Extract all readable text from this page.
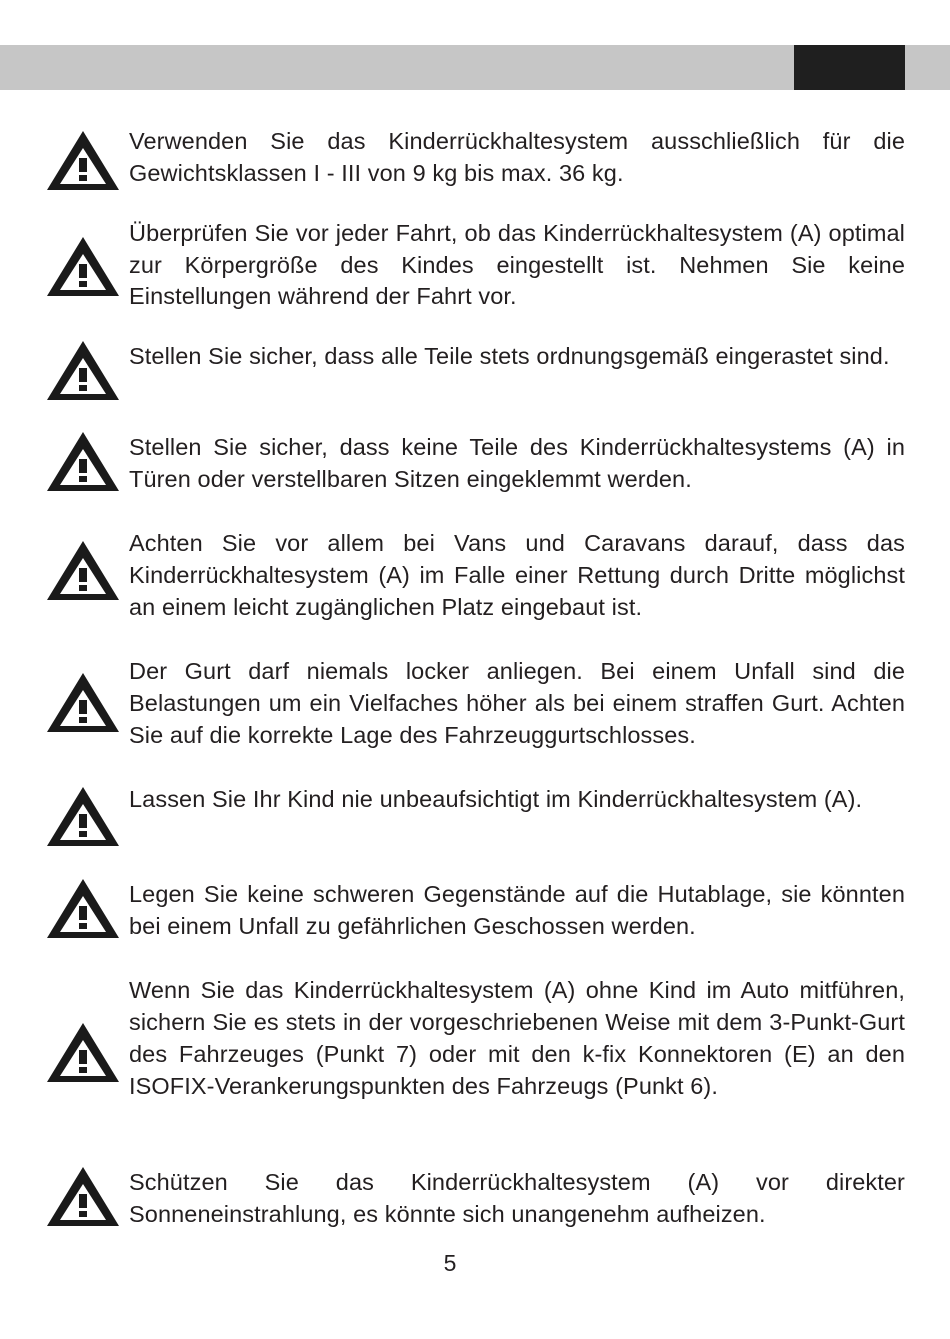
Verwenden Sie das Kinderrückhaltesystem ausschließlich für die Gewichtsklassen I - III von 9 kg bis max. 36 kg.

Überprüfen Sie vor jeder Fahrt, ob das Kinderrückhaltesystem (A) optimal zur Körpergröße des Kindes eingestellt ist. Nehmen Sie keine Einstellungen während der Fahrt vor.

Stellen Sie sicher, dass alle Teile stets ordnungsgemäß eingerastet sind.

Stellen Sie sicher, dass keine Teile des Kinderrückhaltesystems (A) in Türen oder verstellbaren Sitzen eingeklemmt werden.

Achten Sie vor allem bei Vans und Caravans darauf, dass das Kinderrückhaltesystem (A) im Falle einer Rettung durch Dritte möglichst an einem leicht zugänglichen Platz eingebaut ist.

Der Gurt darf niemals locker anliegen. Bei einem Unfall sind die Belastungen um ein Vielfaches höher als bei einem straffen Gurt. Achten Sie auf die korrekte Lage des Fahrzeuggurtschlosses.

Lassen Sie Ihr Kind nie unbeaufsichtigt im Kinderrückhaltesystem (A).

Legen Sie keine schweren Gegenstände auf die Hutablage, sie könnten bei einem Unfall zu gefährlichen Geschossen werden.

Wenn Sie das Kinderrückhaltesystem (A) ohne Kind im Auto mitführen, sichern Sie es stets in der vorgeschriebenen Weise mit dem 3-Punkt-Gurt des Fahrzeuges (Punkt 7) oder mit den k-fix Konnektoren (E) an den ISOFIX-Verankerungspunkten des Fahrzeugs (Punkt 6).

Schützen Sie das Kinderrückhaltesystem (A) vor direkter Sonneneinstrahlung, es könnte sich unangenehm aufheizen.

5
